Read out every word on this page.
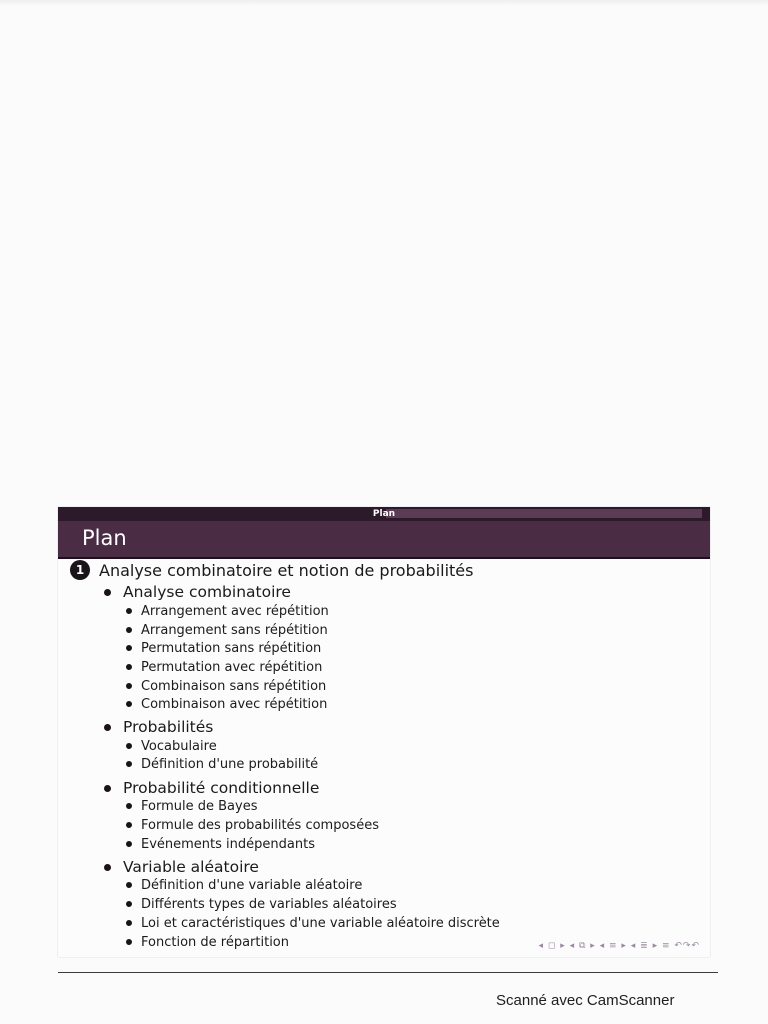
Plan
Plan
1 Analyse combinatoire et notion de probabilités
Analyse combinatoire
Arrangement avec répétition
Arrangement sans répétition
Permutation sans répétition
Permutation avec répétition
Combinaison sans répétition
Combinaison avec répétition
Probabilités
Vocabulaire
Définition d'une probabilité
Probabilité conditionnelle
Formule de Bayes
Formule des probabilités composées
Evénements indépendants
Variable aléatoire
Définition d'une variable aléatoire
Différents types de variables aléatoires
Loi et caractéristiques d'une variable aléatoire discrète
Fonction de répartition	◂ ◻ ▸ ◂ ⧉ ▸ ◂ ≡ ▸ ◂ ≣ ▸ ≡ ↶↷↶
Scanné avec CamScanner
